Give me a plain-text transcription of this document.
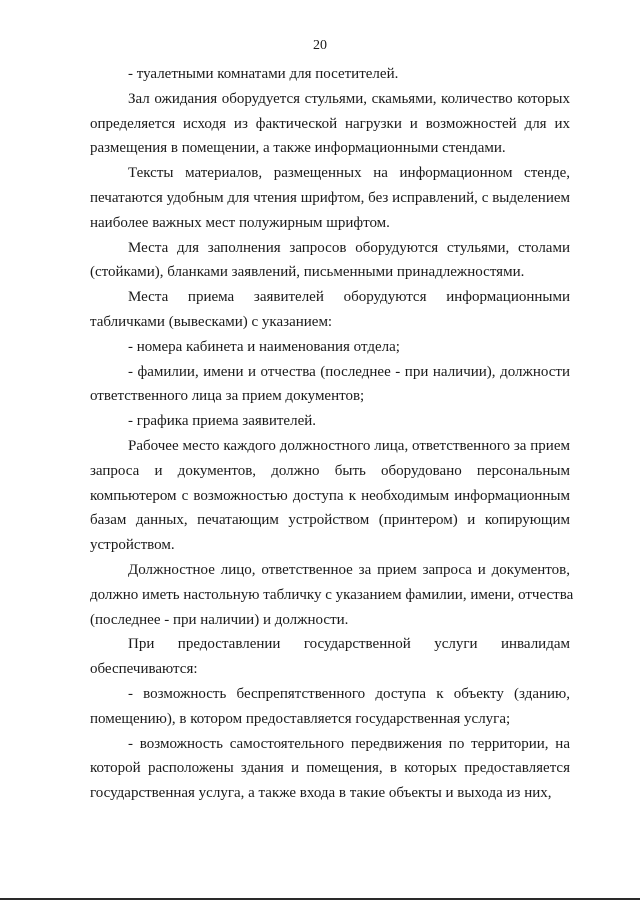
20
- туалетными комнатами для посетителей.
Зал ожидания оборудуется стульями, скамьями, количество которых
определяется исходя из фактической нагрузки и возможностей для их
размещения в помещении, а также информационными стендами.
Тексты материалов, размещенных на информационном стенде,
печатаются удобным для чтения шрифтом, без исправлений, с выделением
наиболее важных мест полужирным шрифтом.
Места для заполнения запросов оборудуются стульями, столами
(стойками), бланками заявлений, письменными принадлежностями.
Места приема заявителей оборудуются информационными
табличками (вывесками) с указанием:
- номера кабинета и наименования отдела;
- фамилии, имени и отчества (последнее - при наличии), должности
ответственного лица за прием документов;
- графика приема заявителей.
Рабочее место каждого должностного лица, ответственного за прием
запроса и документов, должно быть оборудовано персональным
компьютером с возможностью доступа к необходимым информационным
базам данных, печатающим устройством (принтером) и копирующим
устройством.
Должностное лицо, ответственное за прием запроса и документов,
должно иметь настольную табличку с указанием фамилии, имени, отчества
(последнее - при наличии) и должности.
При предоставлении государственной услуги инвалидам
обеспечиваются:
- возможность беспрепятственного доступа к объекту (зданию,
помещению), в котором предоставляется государственная услуга;
- возможность самостоятельного передвижения по территории, на
которой расположены здания и помещения, в которых предоставляется
государственная услуга, а также входа в такие объекты и выхода из них,
